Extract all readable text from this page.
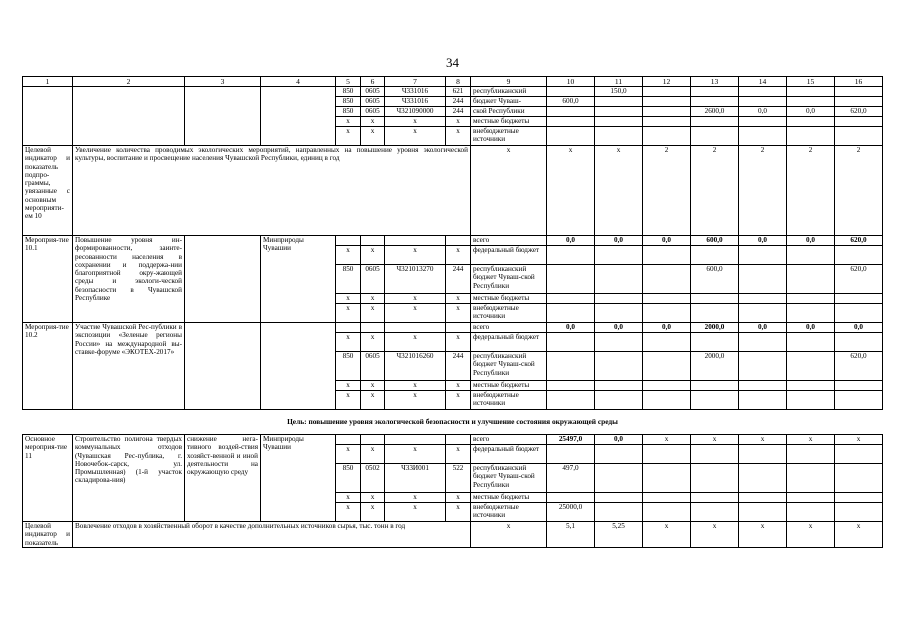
34
1	2	3	4	5	6	7	8	9	10	11	12	13	14	15	16
				850	0605	Ч331016	621	республиканский		150,0					
				850	0605	Ч331016	244	бюджет Чуваш-	600,0						
				850	0605	Ч321090000	244	ской Республики				2600,0	0,0	0,0	620,0
				x	x	x	x	местные бюджеты							
				x	x	x	x	внебюджетные источники							
Целевой индикатор и показатель подпро-граммы, увязанные с основным мероприяти-ем 10	Увеличение количества проводимых экологических мероприятий, направленных на повышение уровня экологической культуры, воспитание и просвещение населения Чувашской Республики, единиц в год							x	x	x	2	2	2	2	2
Мероприя-тие 10.1	Повышение уровня ин-формированности, заинте-ресованности населения в сохранении и поддержа-нии благоприятной окру-жающей среды и экологи-ческой безопасности в Чувашской Республике		Минприроды Чувашии					всего	0,0	0,0	0,0	600,0	0,0	0,0	620,0
				x	x	x	x	федеральный бюджет							
				850	0605	Ч321013270	244	республиканский бюджет Чуваш-ской Республики				600,0			620,0
				x	x	x	x	местные бюджеты							
				x	x	x	x	внебюджетные источники							
Мероприя-тие 10.2	Участие Чувашской Рес-публики в экспозиции «Зеленые регионы России» на международной вы-ставке-форуме «ЭКОТЕХ-2017»							всего	0,0	0,0	0,0	2000,0	0,0	0,0	0,0
				x	x	x	x	федеральный бюджет							
				850	0605	Ч321016260	244	республиканский бюджет Чуваш-ской Республики				2000,0			620,0
				x	x	x	x	местные бюджеты							
				x	x	x	x	внебюджетные источники							
Цель: повышение уровня экологической безопасности и улучшение состояния окружающей среды															
Основное мероприя-тие 11	Строительство полигона твердых коммунальных отходов (Чувашская Рес-публика, г. Новочебок-сарск, ул. Промышленная) (1-й участок складирова-ния)	снижение нега-тивного воздей-ствия хозяйст-венной и иной деятельности на окружающую среду	Минприроды Чувашии					всего	25497,0	0,0	x	x	x	x	x
				x	x	x	x	федеральный бюджет							
				850	0502	Ч33И001	522	республиканский бюджет Чуваш-ской Республики	497,0						
				x	x	x	x	местные бюджеты							
				x	x	x	x	внебюджетные источники	25000,0						
Целевой индикатор и показатель	Вовлечение отходов в хозяйственный оборот в качестве дополнительных источников сырья, тыс. тонн в год							x	5,1	5,25	x	x	x	x	x
